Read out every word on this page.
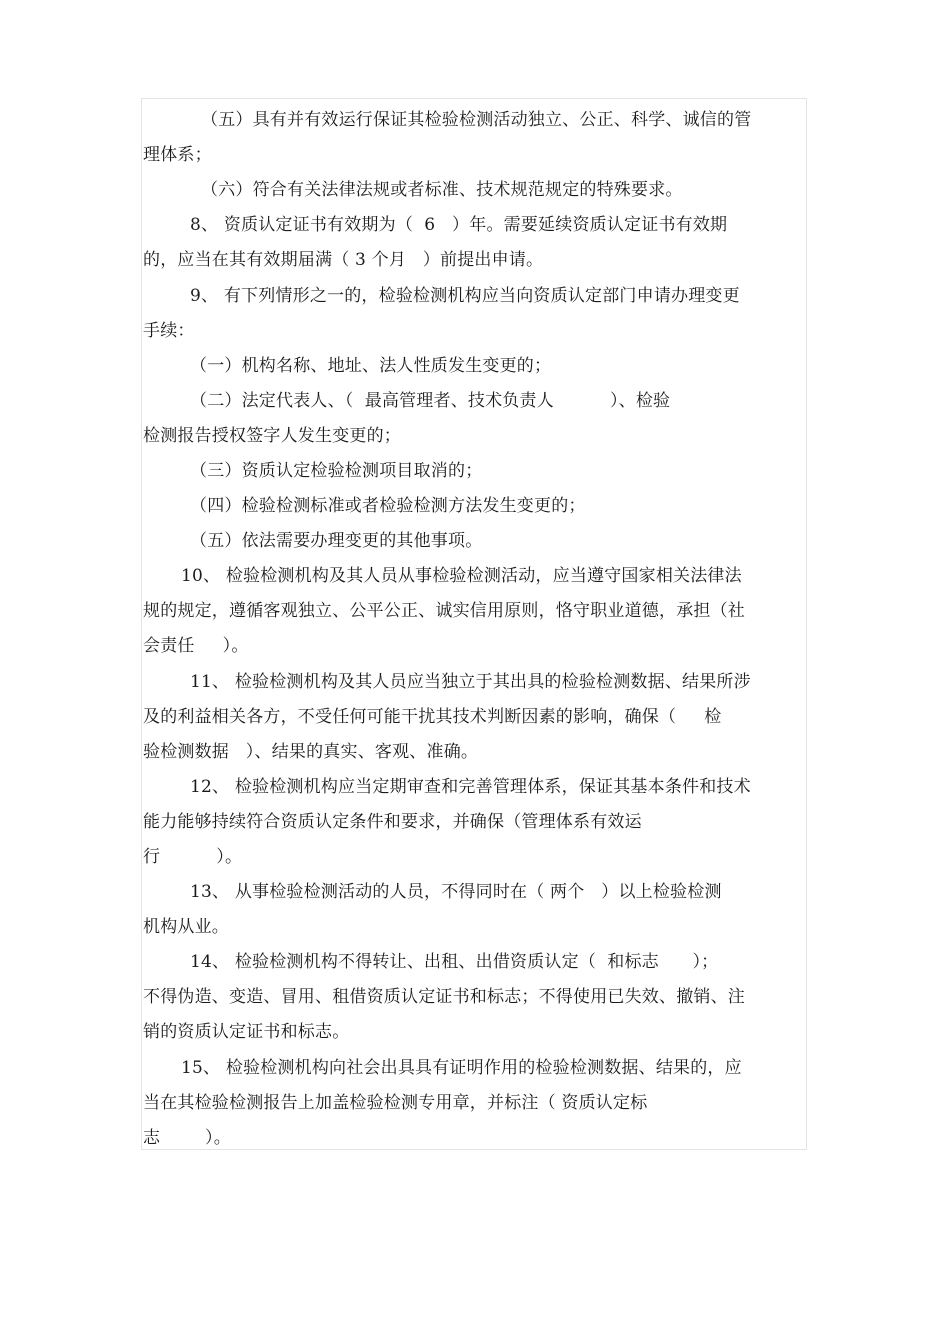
（五）具有并有效运行保证其检验检测活动独立、公正、科学、诚信的管
理体系；
（六）符合有关法律法规或者标准、技术规范规定的特殊要求。
8、 资质认定证书有效期为（  6   ）年。需要延续资质认定证书有效期
的，应当在其有效期届满（ 3 个月   ）前提出申请。
9、 有下列情形之一的，检验检测机构应当向资质认定部门申请办理变更
手续：
（一）机构名称、地址、法人性质发生变更的；
（二）法定代表人、（  最高管理者、技术负责人          ）、检验
检测报告授权签字人发生变更的；
（三）资质认定检验检测项目取消的；
（四）检验检测标准或者检验检测方法发生变更的；
（五）依法需要办理变更的其他事项。
10、 检验检测机构及其人员从事检验检测活动，应当遵守国家相关法律法
规的规定，遵循客观独立、公平公正、诚实信用原则，恪守职业道德，承担（社
会责任     ）。
11、 检验检测机构及其人员应当独立于其出具的检验检测数据、结果所涉
及的利益相关各方，不受任何可能干扰其技术判断因素的影响，确保（     检
验检测数据   ）、结果的真实、客观、准确。
12、 检验检测机构应当定期审查和完善管理体系，保证其基本条件和技术
能力能够持续符合资质认定条件和要求，并确保（管理体系有效运
行          ）。
13、 从事检验检测活动的人员，不得同时在（ 两个   ）以上检验检测
机构从业。
14、 检验检测机构不得转让、出租、出借资质认定（  和标志      ）；
不得伪造、变造、冒用、租借资质认定证书和标志；不得使用已失效、撤销、注
销的资质认定证书和标志。
15、 检验检测机构向社会出具具有证明作用的检验检测数据、结果的，应
当在其检验检测报告上加盖检验检测专用章，并标注（ 资质认定标
志        ）。
